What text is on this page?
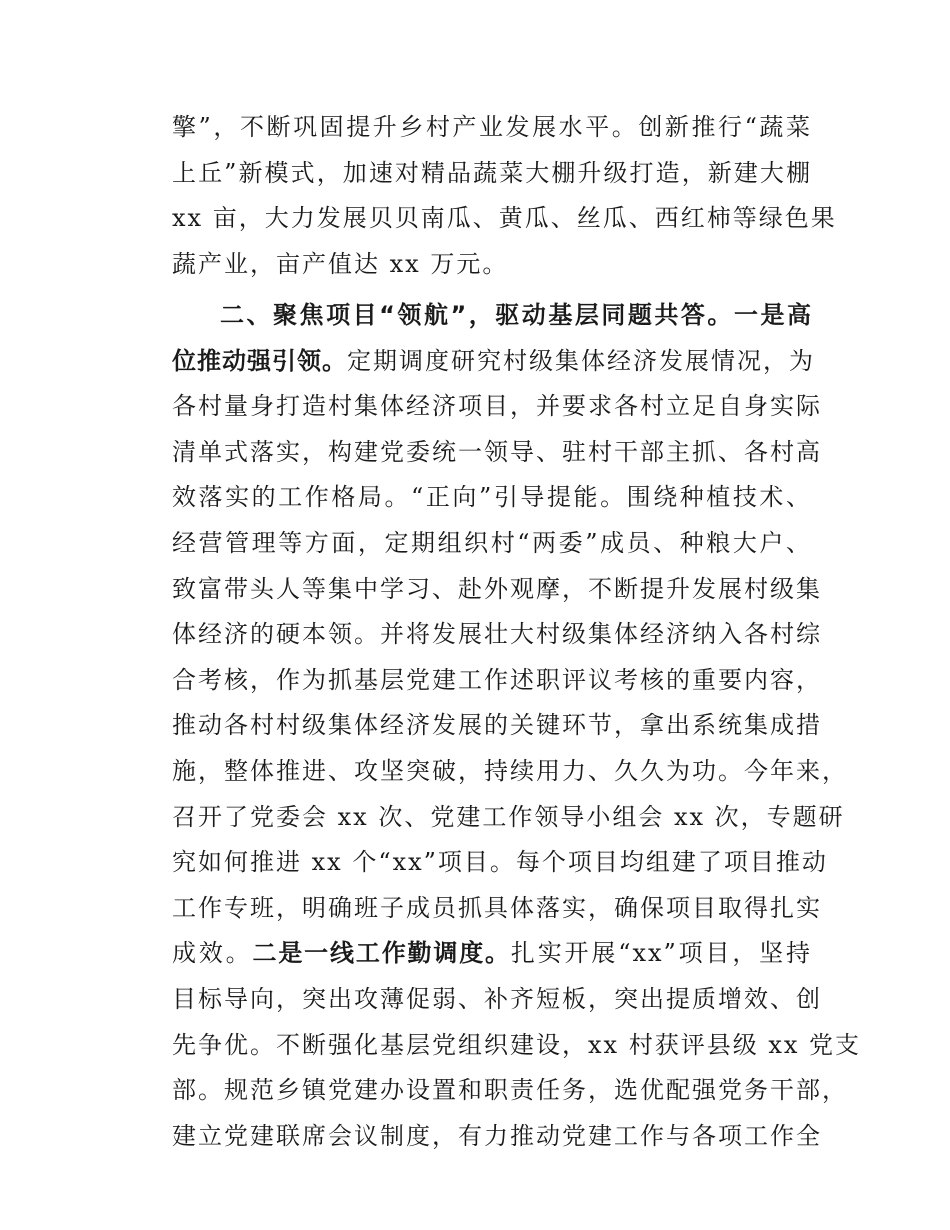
擎”，不断巩固提升乡村产业发展水平。创新推行“蔬菜
上丘”新模式，加速对精品蔬菜大棚升级打造，新建大棚
xx 亩，大力发展贝贝南瓜、黄瓜、丝瓜、西红柿等绿色果
蔬产业，亩产值达 xx 万元。
二、聚焦项目“领航”，驱动基层同题共答。一是高
位推动强引领。定期调度研究村级集体经济发展情况，为
各村量身打造村集体经济项目，并要求各村立足自身实际
清单式落实，构建党委统一领导、驻村干部主抓、各村高
效落实的工作格局。“正向”引导提能。围绕种植技术、
经营管理等方面，定期组织村“两委”成员、种粮大户、
致富带头人等集中学习、赴外观摩，不断提升发展村级集
体经济的硬本领。并将发展壮大村级集体经济纳入各村综
合考核，作为抓基层党建工作述职评议考核的重要内容，
推动各村村级集体经济发展的关键环节，拿出系统集成措
施，整体推进、攻坚突破，持续用力、久久为功。今年来，
召开了党委会 xx 次、党建工作领导小组会 xx 次，专题研
究如何推进 xx 个“xx”项目。每个项目均组建了项目推动
工作专班，明确班子成员抓具体落实，确保项目取得扎实
成效。二是一线工作勤调度。扎实开展“xx”项目，坚持
目标导向，突出攻薄促弱、补齐短板，突出提质增效、创
先争优。不断强化基层党组织建设，xx 村获评县级 xx 党支
部。规范乡镇党建办设置和职责任务，选优配强党务干部，
建立党建联席会议制度，有力推动党建工作与各项工作全
